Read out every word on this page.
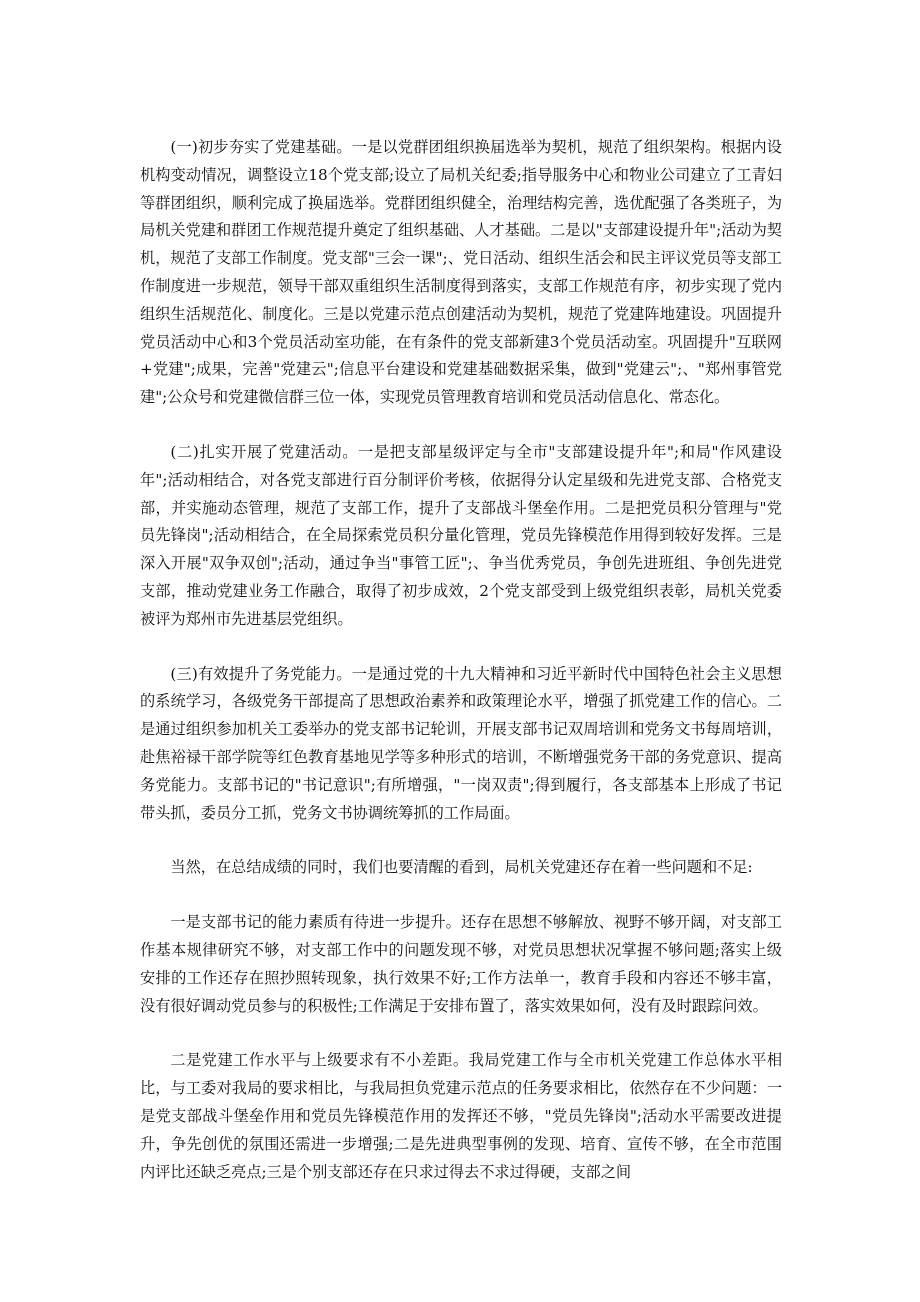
(一)初步夯实了党建基础。一是以党群团组织换届选举为契机，规范了组织架构。根据内设机构变动情况，调整设立18个党支部;设立了局机关纪委;指导服务中心和物业公司建立了工青妇等群团组织，顺利完成了换届选举。党群团组织健全，治理结构完善，选优配强了各类班子，为局机关党建和群团工作规范提升奠定了组织基础、人才基础。二是以"支部建设提升年";活动为契机，规范了支部工作制度。党支部"三会一课";、党日活动、组织生活会和民主评议党员等支部工作制度进一步规范，领导干部双重组织生活制度得到落实，支部工作规范有序，初步实现了党内组织生活规范化、制度化。三是以党建示范点创建活动为契机，规范了党建阵地建设。巩固提升党员活动中心和3个党员活动室功能，在有条件的党支部新建3个党员活动室。巩固提升"互联网+党建";成果，完善"党建云";信息平台建设和党建基础数据采集，做到"党建云";、"郑州事管党建";公众号和党建微信群三位一体，实现党员管理教育培训和党员活动信息化、常态化。

(二)扎实开展了党建活动。一是把支部星级评定与全市"支部建设提升年";和局"作风建设年";活动相结合，对各党支部进行百分制评价考核，依据得分认定星级和先进党支部、合格党支部，并实施动态管理，规范了支部工作，提升了支部战斗堡垒作用。二是把党员积分管理与"党员先锋岗";活动相结合，在全局探索党员积分量化管理，党员先锋模范作用得到较好发挥。三是深入开展"双争双创";活动，通过争当"事管工匠";、争当优秀党员，争创先进班组、争创先进党支部，推动党建业务工作融合，取得了初步成效，2个党支部受到上级党组织表彰，局机关党委被评为郑州市先进基层党组织。

(三)有效提升了务党能力。一是通过党的十九大精神和习近平新时代中国特色社会主义思想的系统学习，各级党务干部提高了思想政治素养和政策理论水平，增强了抓党建工作的信心。二是通过组织参加机关工委举办的党支部书记轮训，开展支部书记双周培训和党务文书每周培训，赴焦裕禄干部学院等红色教育基地见学等多种形式的培训，不断增强党务干部的务党意识、提高务党能力。支部书记的"书记意识";有所增强，"一岗双责";得到履行，各支部基本上形成了书记带头抓，委员分工抓，党务文书协调统筹抓的工作局面。

当然，在总结成绩的同时，我们也要清醒的看到，局机关党建还存在着一些问题和不足:

一是支部书记的能力素质有待进一步提升。还存在思想不够解放、视野不够开阔，对支部工作基本规律研究不够，对支部工作中的问题发现不够，对党员思想状况掌握不够问题;落实上级安排的工作还存在照抄照转现象，执行效果不好;工作方法单一，教育手段和内容还不够丰富，没有很好调动党员参与的积极性;工作满足于安排布置了，落实效果如何，没有及时跟踪问效。

二是党建工作水平与上级要求有不小差距。我局党建工作与全市机关党建工作总体水平相比，与工委对我局的要求相比，与我局担负党建示范点的任务要求相比，依然存在不少问题：一是党支部战斗堡垒作用和党员先锋模范作用的发挥还不够，"党员先锋岗";活动水平需要改进提升，争先创优的氛围还需进一步增强;二是先进典型事例的发现、培育、宣传不够，在全市范围内评比还缺乏亮点;三是个别支部还存在只求过得去不求过得硬，支部之间
